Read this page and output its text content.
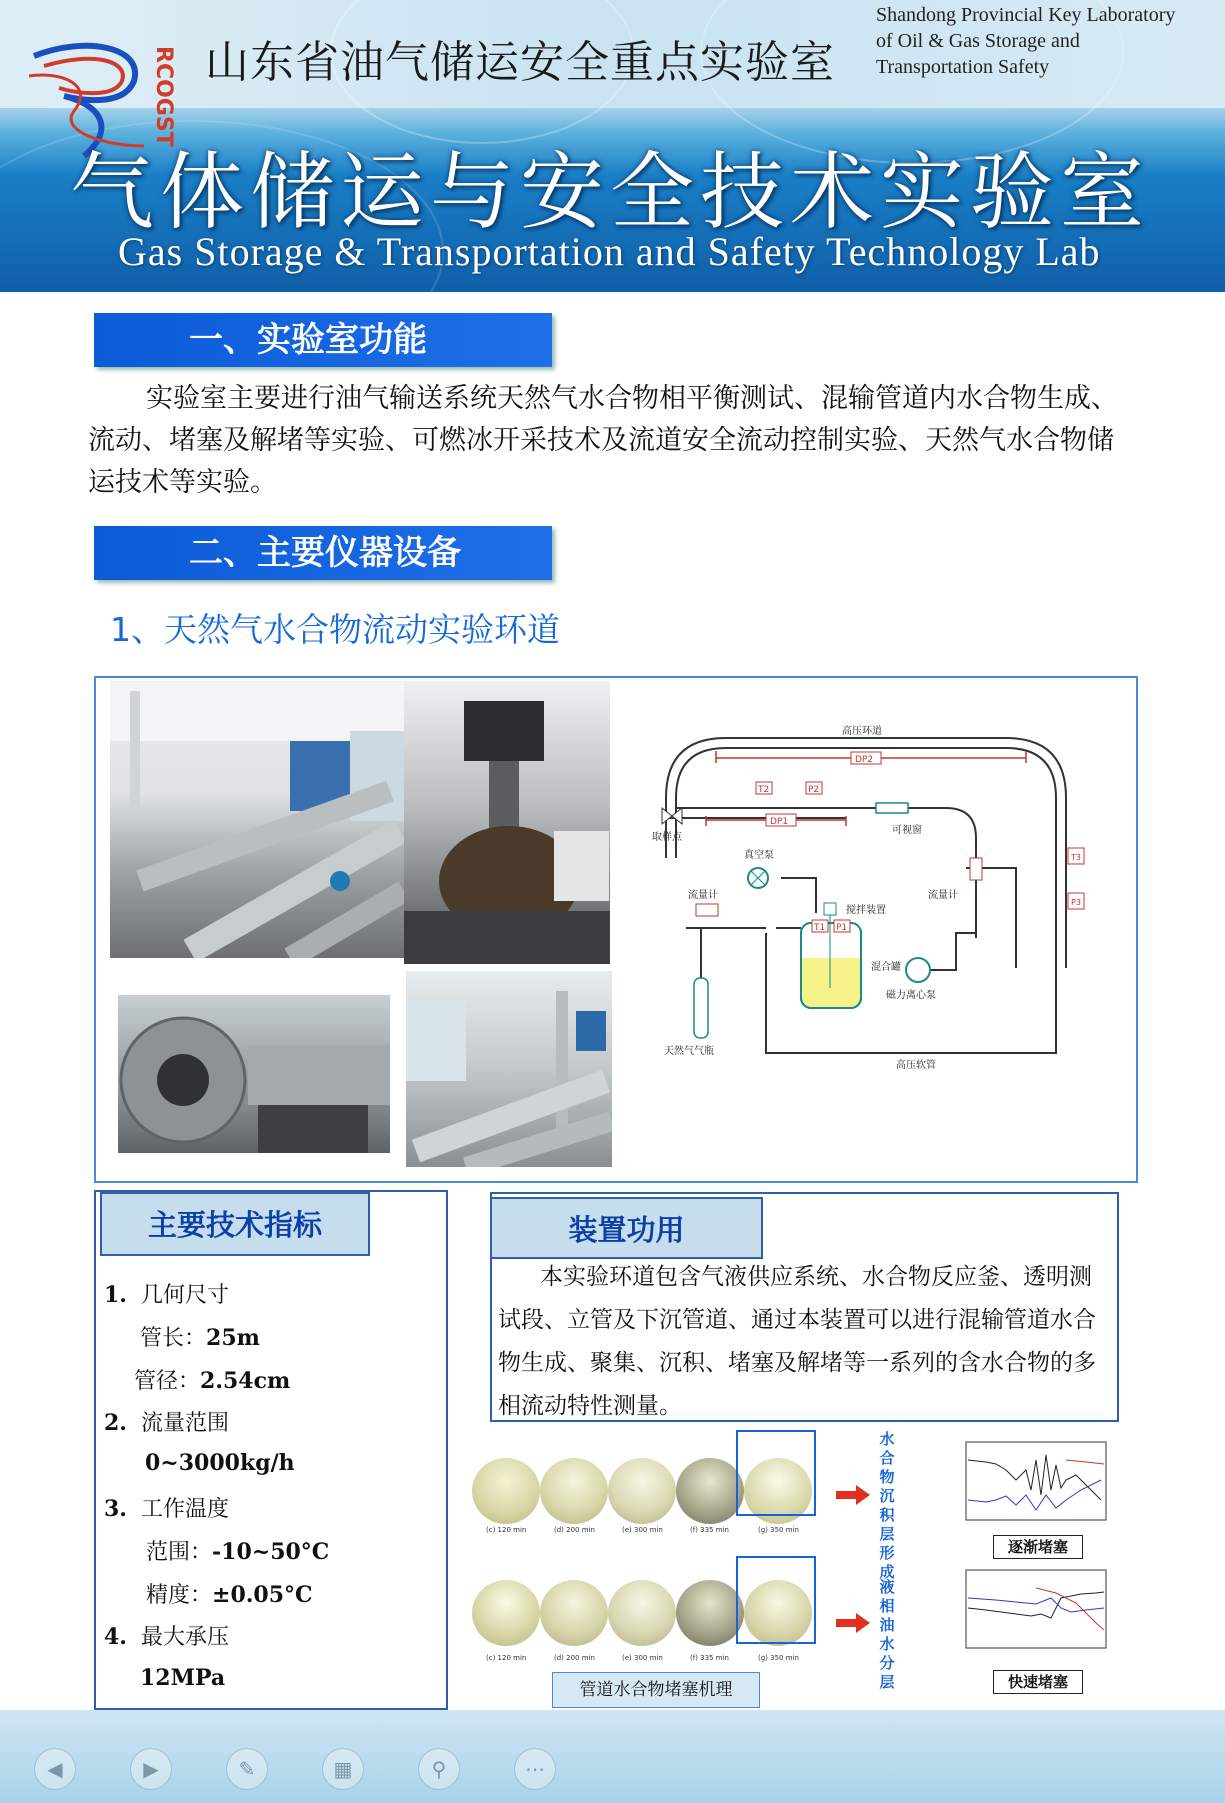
RCOGST 山东省油气储运安全重点实验室
Shandong Provincial Key Laboratory
of Oil & Gas Storage and
Transportation Safety
气体储运与安全技术实验室
Gas Storage & Transportation and Safety Technology Lab
一、实验室功能
实验室主要进行油气输送系统天然气水合物相平衡测试、混输管道内水合物生成、流动、堵塞及解堵等实验、可燃冰开采技术及流道安全流动控制实验、天然气水合物储运技术等实验。
二、主要仪器设备
1、天然气水合物流动实验环道
DP2
高压环道
T2	P2
DP1
可视窗
取样点
真空泵
搅拌装置
T1 P1
混合罐
流量计
天然气气瓶
磁力离心泵
流量计
高压软管
T3
P3
主要技术指标
1. 几何尺寸
管长：25m
管径：2.54cm
2. 流量范围
0~3000kg/h
3. 工作温度
范围：-10~50°C
精度：±0.05°C
4. 最大承压
12MPa
装置功用
本实验环道包含气液供应系统、水合物反应釜、透明测试段、立管及下沉管道、通过本装置可以进行混输管道水合物生成、聚集、沉积、堵塞及解堵等一系列的含水合物的多相流动特性测量。
(c) 120 min	(d) 200 min	(e) 300 min	(f) 335 min	(g) 350 min
(c) 120 min	(d) 200 min	(e) 300 min	(f) 335 min	(g) 350 min
水合物沉积层形成
液相油水分层
逐渐堵塞
快速堵塞
管道水合物堵塞机理
◀	▶	✎	▦	⚲	⋯
